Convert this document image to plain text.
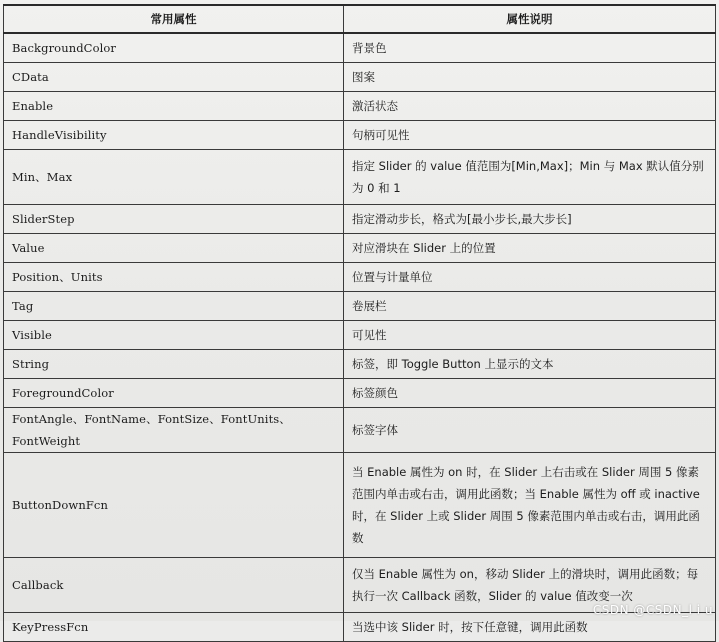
常用属性	属性说明
BackgroundColor	背景色
CData	图案
Enable	激活状态
HandleVisibility	句柄可见性
Min、Max	指定 Slider 的 value 值范围为[Min,Max]；Min 与 Max 默认值分别为 0 和 1
SliderStep	指定滑动步长，格式为[最小步长,最大步长]
Value	对应滑块在 Slider 上的位置
Position、Units	位置与计量单位
Tag	卷展栏
Visible	可见性
String	标签，即 Toggle Button 上显示的文本
ForegroundColor	标签颜色
FontAngle、FontName、FontSize、FontUnits、FontWeight	标签字体
ButtonDownFcn	当 Enable 属性为 on 时，在 Slider 上右击或在 Slider 周围 5 像素范围内单击或右击，调用此函数；当 Enable 属性为 off 或 inactive 时，在 Slider 上或 Slider 周围 5 像素范围内单击或右击，调用此函数
Callback	仅当 Enable 属性为 on，移动 Slider 上的滑块时，调用此函数；每执行一次 Callback 函数，Slider 的 value 值改变一次
KeyPressFcn	当选中该 Slider 时，按下任意键，调用此函数
CSDN @CSDN_l i u
